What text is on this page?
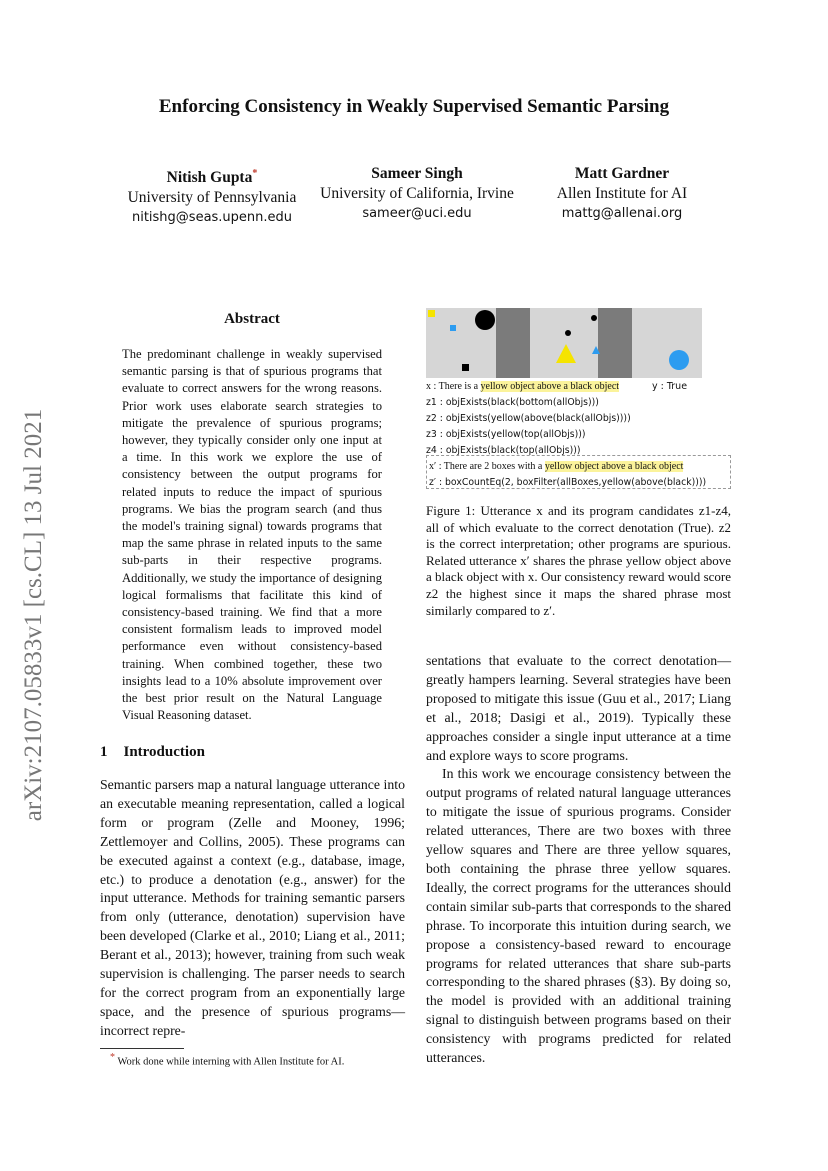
Enforcing Consistency in Weakly Supervised Semantic Parsing
Nitish Gupta*
University of Pennsylvania
nitishg@seas.upenn.edu
Sameer Singh
University of California, Irvine
sameer@uci.edu
Matt Gardner
Allen Institute for AI
mattg@allenai.org
arXiv:2107.05833v1 [cs.CL] 13 Jul 2021
Abstract
The predominant challenge in weakly supervised semantic parsing is that of spurious programs that evaluate to correct answers for the wrong reasons. Prior work uses elaborate search strategies to mitigate the prevalence of spurious programs; however, they typically consider only one input at a time. In this work we explore the use of consistency between the output programs for related inputs to reduce the impact of spurious programs. We bias the program search (and thus the model's training signal) towards programs that map the same phrase in related inputs to the same sub-parts in their respective programs. Additionally, we study the importance of designing logical formalisms that facilitate this kind of consistency-based training. We find that a more consistent formalism leads to improved model performance even without consistency-based training. When combined together, these two insights lead to a 10% absolute improvement over the best prior result on the Natural Language Visual Reasoning dataset.
1 Introduction
Semantic parsers map a natural language utterance into an executable meaning representation, called a logical form or program (Zelle and Mooney, 1996; Zettlemoyer and Collins, 2005). These programs can be executed against a context (e.g., database, image, etc.) to produce a denotation (e.g., answer) for the input utterance. Methods for training semantic parsers from only (utterance, denotation) supervision have been developed (Clarke et al., 2010; Liang et al., 2011; Berant et al., 2013); however, training from such weak supervision is challenging. The parser needs to search for the correct program from an exponentially large space, and the presence of spurious programs—incorrect repre-
* Work done while interning with Allen Institute for AI.
x : There is a yellow object above a black object	y : True
z1 : objExists(black(bottom(allObjs)))
z2 : objExists(yellow(above(black(allObjs))))
z3 : objExists(yellow(top(allObjs)))
z4 : objExists(black(top(allObjs)))
x′ : There are 2 boxes with a yellow object above a black object
z′ : boxCountEq(2, boxFilter(allBoxes,yellow(above(black))))
Figure 1: Utterance x and its program candidates z1-z4, all of which evaluate to the correct denotation (True). z2 is the correct interpretation; other programs are spurious. Related utterance x′ shares the phrase yellow object above a black object with x. Our consistency reward would score z2 the highest since it maps the shared phrase most similarly compared to z′.
sentations that evaluate to the correct denotation—greatly hampers learning. Several strategies have been proposed to mitigate this issue (Guu et al., 2017; Liang et al., 2018; Dasigi et al., 2019). Typically these approaches consider a single input utterance at a time and explore ways to score programs.
In this work we encourage consistency between the output programs of related natural language utterances to mitigate the issue of spurious programs. Consider related utterances, There are two boxes with three yellow squares and There are three yellow squares, both containing the phrase three yellow squares. Ideally, the correct programs for the utterances should contain similar sub-parts that corresponds to the shared phrase. To incorporate this intuition during search, we propose a consistency-based reward to encourage programs for related utterances that share sub-parts corresponding to the shared phrases (§3). By doing so, the model is provided with an additional training signal to distinguish between programs based on their consistency with programs predicted for related utterances.
